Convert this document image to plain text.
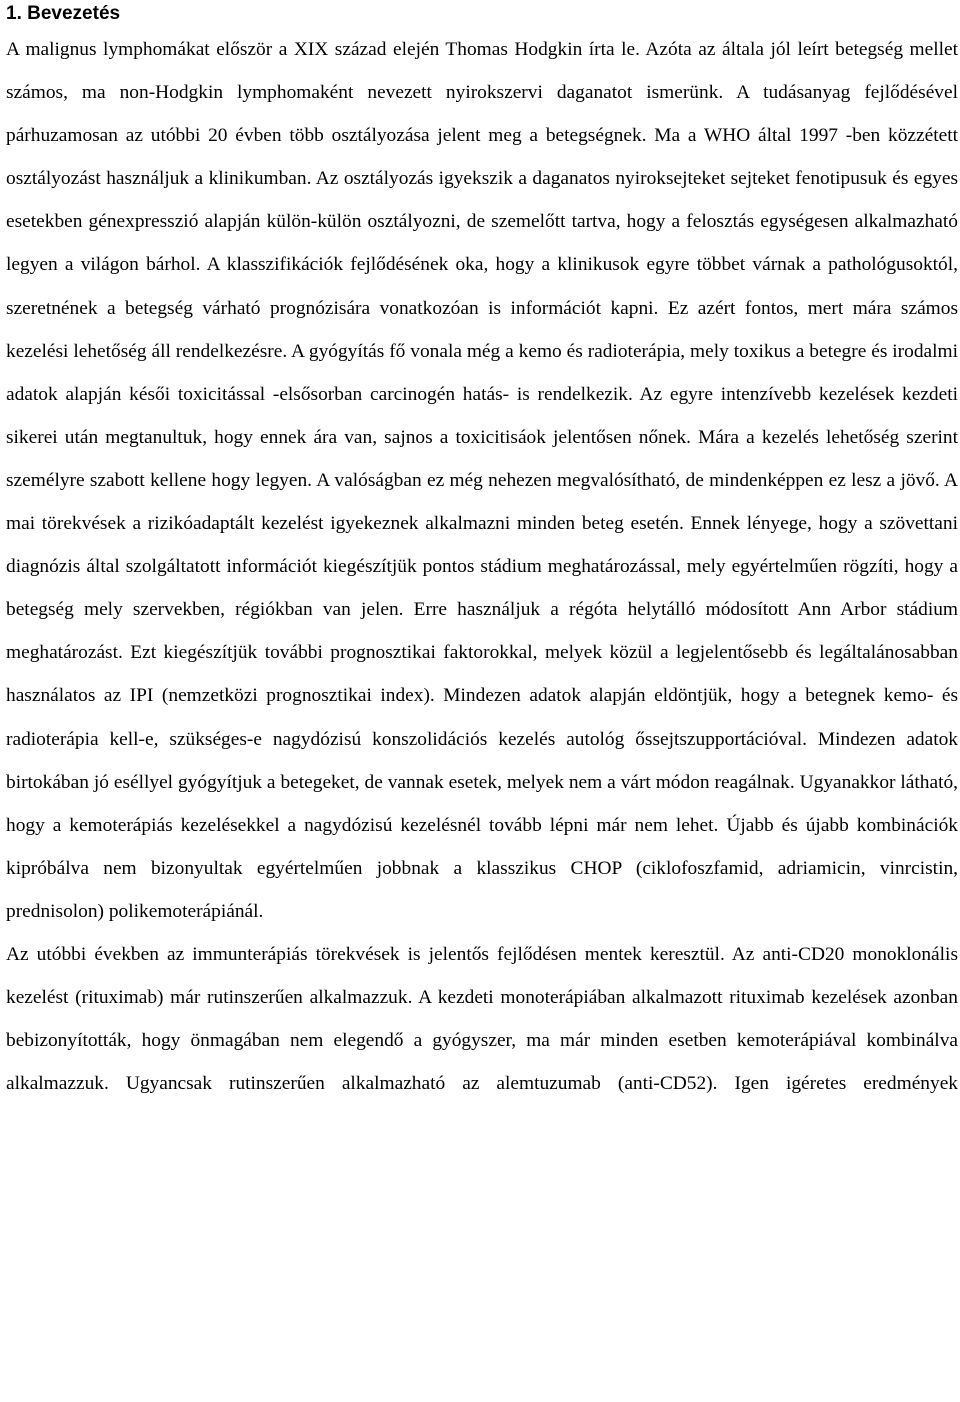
1. Bevezetés

A malignus lymphomákat először a XIX század elején Thomas Hodgkin írta le. Azóta az általa jól leírt betegség mellet számos, ma non-Hodgkin lymphomaként nevezett nyirokszervi daganatot ismerünk. A tudásanyag fejlődésével párhuzamosan az utóbbi 20 évben több osztályozása jelent meg a betegségnek. Ma a WHO által 1997 -ben közzétett osztályozást használjuk a klinikumban. Az osztályozás igyekszik a daganatos nyiroksejteket sejteket fenotipusuk és egyes esetekben génexpresszió alapján külön-külön osztályozni, de szemelőtt tartva, hogy a felosztás egységesen alkalmazható legyen a világon bárhol. A klasszifikációk fejlődésének oka, hogy a klinikusok egyre többet várnak a pathológusoktól, szeretnének a betegség várható prognózisára vonatkozóan is információt kapni. Ez azért fontos, mert mára számos kezelési lehetőség áll rendelkezésre. A gyógyítás fő vonala még a kemo és radioterápia, mely toxikus a betegre és irodalmi adatok alapján késői toxicitással -elsősorban carcinogén hatás- is rendelkezik. Az egyre intenzívebb kezelések kezdeti sikerei után megtanultuk, hogy ennek ára van, sajnos a toxicitisáok jelentősen nőnek. Mára a kezelés lehetőség szerint személyre szabott kellene hogy legyen. A valóságban ez még nehezen megvalósítható, de mindenképpen ez lesz a jövő. A mai törekvések a rizikóadaptált kezelést igyekeznek alkalmazni minden beteg esetén. Ennek lényege, hogy a szövettani diagnózis által szolgáltatott információt kiegészítjük pontos stádium meghatározással, mely egyértelműen rögzíti, hogy a betegség mely szervekben, régiókban van jelen. Erre használjuk a régóta helytálló módosított Ann Arbor stádium meghatározást. Ezt kiegészítjük további prognosztikai faktorokkal, melyek közül a legjelentősebb és legáltalánosabban használatos az IPI (nemzetközi prognosztikai index). Mindezen adatok alapján eldöntjük, hogy a betegnek kemo- és radioterápia kell-e, szükséges-e nagydózisú konszolidációs kezelés autológ őssejtszupportációval. Mindezen adatok birtokában jó eséllyel gyógyítjuk a betegeket, de vannak esetek, melyek nem a várt módon reagálnak. Ugyanakkor látható, hogy a kemoterápiás kezelésekkel a nagydózisú kezelésnél tovább lépni már nem lehet. Újabb és újabb kombinációk kipróbálva nem bizonyultak egyértelműen jobbnak a klasszikus CHOP (ciklofoszfamid, adriamicin, vinrcistin, prednisolon) polikemoterápiánál.

Az utóbbi években az immunterápiás törekvések is jelentős fejlődésen mentek keresztül. Az anti-CD20 monoklonális kezelést (rituximab) már rutinszerűen alkalmazzuk. A kezdeti monoterápiában alkalmazott rituximab kezelések azonban bebizonyították, hogy önmagában nem elegendő a gyógyszer, ma már minden esetben kemoterápiával kombinálva alkalmazzuk. Ugyancsak rutinszerűen alkalmazható az alemtuzumab (anti-CD52). Igen igéretes eredmények
